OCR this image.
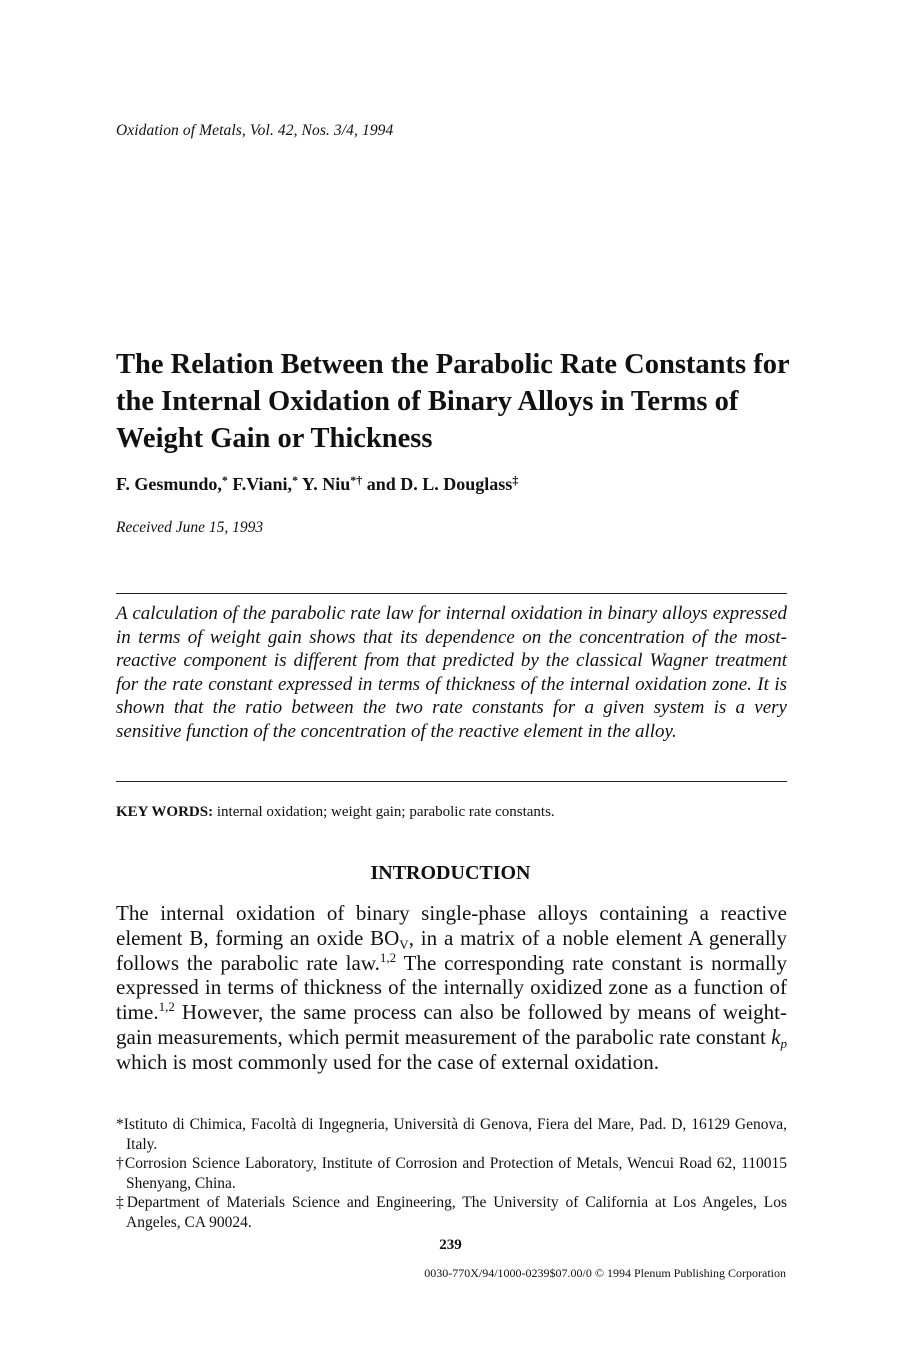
Oxidation of Metals, Vol. 42, Nos. 3/4, 1994
The Relation Between the Parabolic Rate Constants for the Internal Oxidation of Binary Alloys in Terms of Weight Gain or Thickness
F. Gesmundo,* F.Viani,* Y. Niu*† and D. L. Douglass‡
Received June 15, 1993

A calculation of the parabolic rate law for internal oxidation in binary alloys expressed in terms of weight gain shows that its dependence on the concentration of the most-reactive component is different from that predicted by the classical Wagner treatment for the rate constant expressed in terms of thickness of the internal oxidation zone. It is shown that the ratio between the two rate constants for a given system is a very sensitive function of the concentration of the reactive element in the alloy.

KEY WORDS: internal oxidation; weight gain; parabolic rate constants.
INTRODUCTION

The internal oxidation of binary single-phase alloys containing a reactive element B, forming an oxide $BO_V$, in a matrix of a noble element A generally follows the parabolic rate law.$^{1,2}$ The corresponding rate constant is normally expressed in terms of thickness of the internally oxidized zone as a function of time.$^{1,2}$ However, the same process can also be followed by means of weight-gain measurements, which permit measurement of the parabolic rate constant $k_p$ which is most commonly used for the case of external oxidation.

*Istituto di Chimica, Facoltà di Ingegneria, Università di Genova, Fiera del Mare, Pad. D, 16129 Genova, Italy.

†Corrosion Science Laboratory, Institute of Corrosion and Protection of Metals, Wencui Road 62, 110015 Shenyang, China.

‡Department of Materials Science and Engineering, The University of California at Los Angeles, Los Angeles, CA 90024.

239
0030-770X/94/1000-0239$07.00/0 © 1994 Plenum Publishing Corporation
